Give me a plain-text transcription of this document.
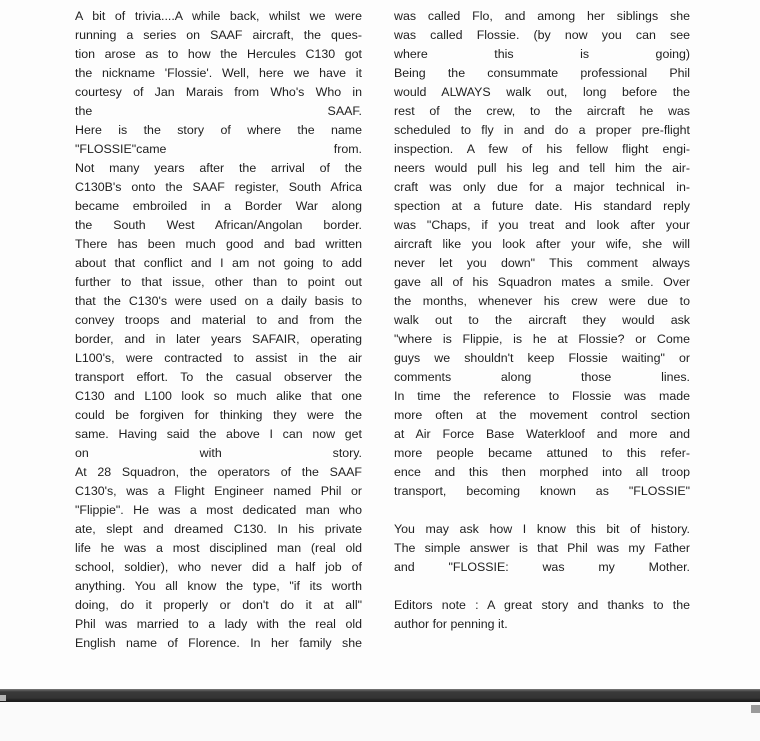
A bit of trivia....A while back, whilst we were
running a series on SAAF aircraft, the ques-
tion arose as to how the Hercules C130 got
the nickname 'Flossie'. Well, here we have it
courtesy of Jan Marais from Who's Who in
the SAAF.
Here is the story of where the name
"FLOSSIE"came from.
Not many years after the arrival of the
C130B's onto the SAAF register, South Africa
became embroiled in a Border War along
the South West African/Angolan border.
There has been much good and bad written
about that conflict and I am not going to add
further to that issue, other than to point out
that the C130's were used on a daily basis to
convey troops and material to and from the
border, and in later years SAFAIR, operating
L100's, were contracted to assist in the air
transport effort. To the casual observer the
C130 and L100 look so much alike that one
could be forgiven for thinking they were the
same. Having said the above I can now get
on with story.
At 28 Squadron, the operators of the SAAF
C130's, was a Flight Engineer named Phil or
"Flippie". He was a most dedicated man who
ate, slept and dreamed C130. In his private
life he was a most disciplined man (real old
school, soldier), who never did a half job of
anything. You all know the type, "if its worth
doing, do it properly or don't do it at all"
Phil was married to a lady with the real old
English name of Florence. In her family she
was called Flo, and among her siblings she
was called Flossie. (by now you can see
where this is going)
Being the consummate professional Phil
would ALWAYS walk out, long before the
rest of the crew, to the aircraft he was
scheduled to fly in and do a proper pre-flight
inspection. A few of his fellow flight engi-
neers would pull his leg and tell him the air-
craft was only due for a major technical in-
spection at a future date. His standard reply
was "Chaps, if you treat and look after your
aircraft like you look after your wife, she will
never let you down" This comment always
gave all of his Squadron mates a smile. Over
the months, whenever his crew were due to
walk out to the aircraft they would ask
"where is Flippie, is he at Flossie? or Come
guys we shouldn't keep Flossie waiting" or
comments along those lines.
In time the reference to Flossie was made
more often at the movement control section
at Air Force Base Waterkloof and more and
more people became attuned to this refer-
ence and this then morphed into all troop
transport, becoming known as "FLOSSIE"

You may ask how I know this bit of history.
The simple answer is that Phil was my Father
and "FLOSSIE: was my Mother.

Editors note : A great story and thanks to the
author for penning it.
